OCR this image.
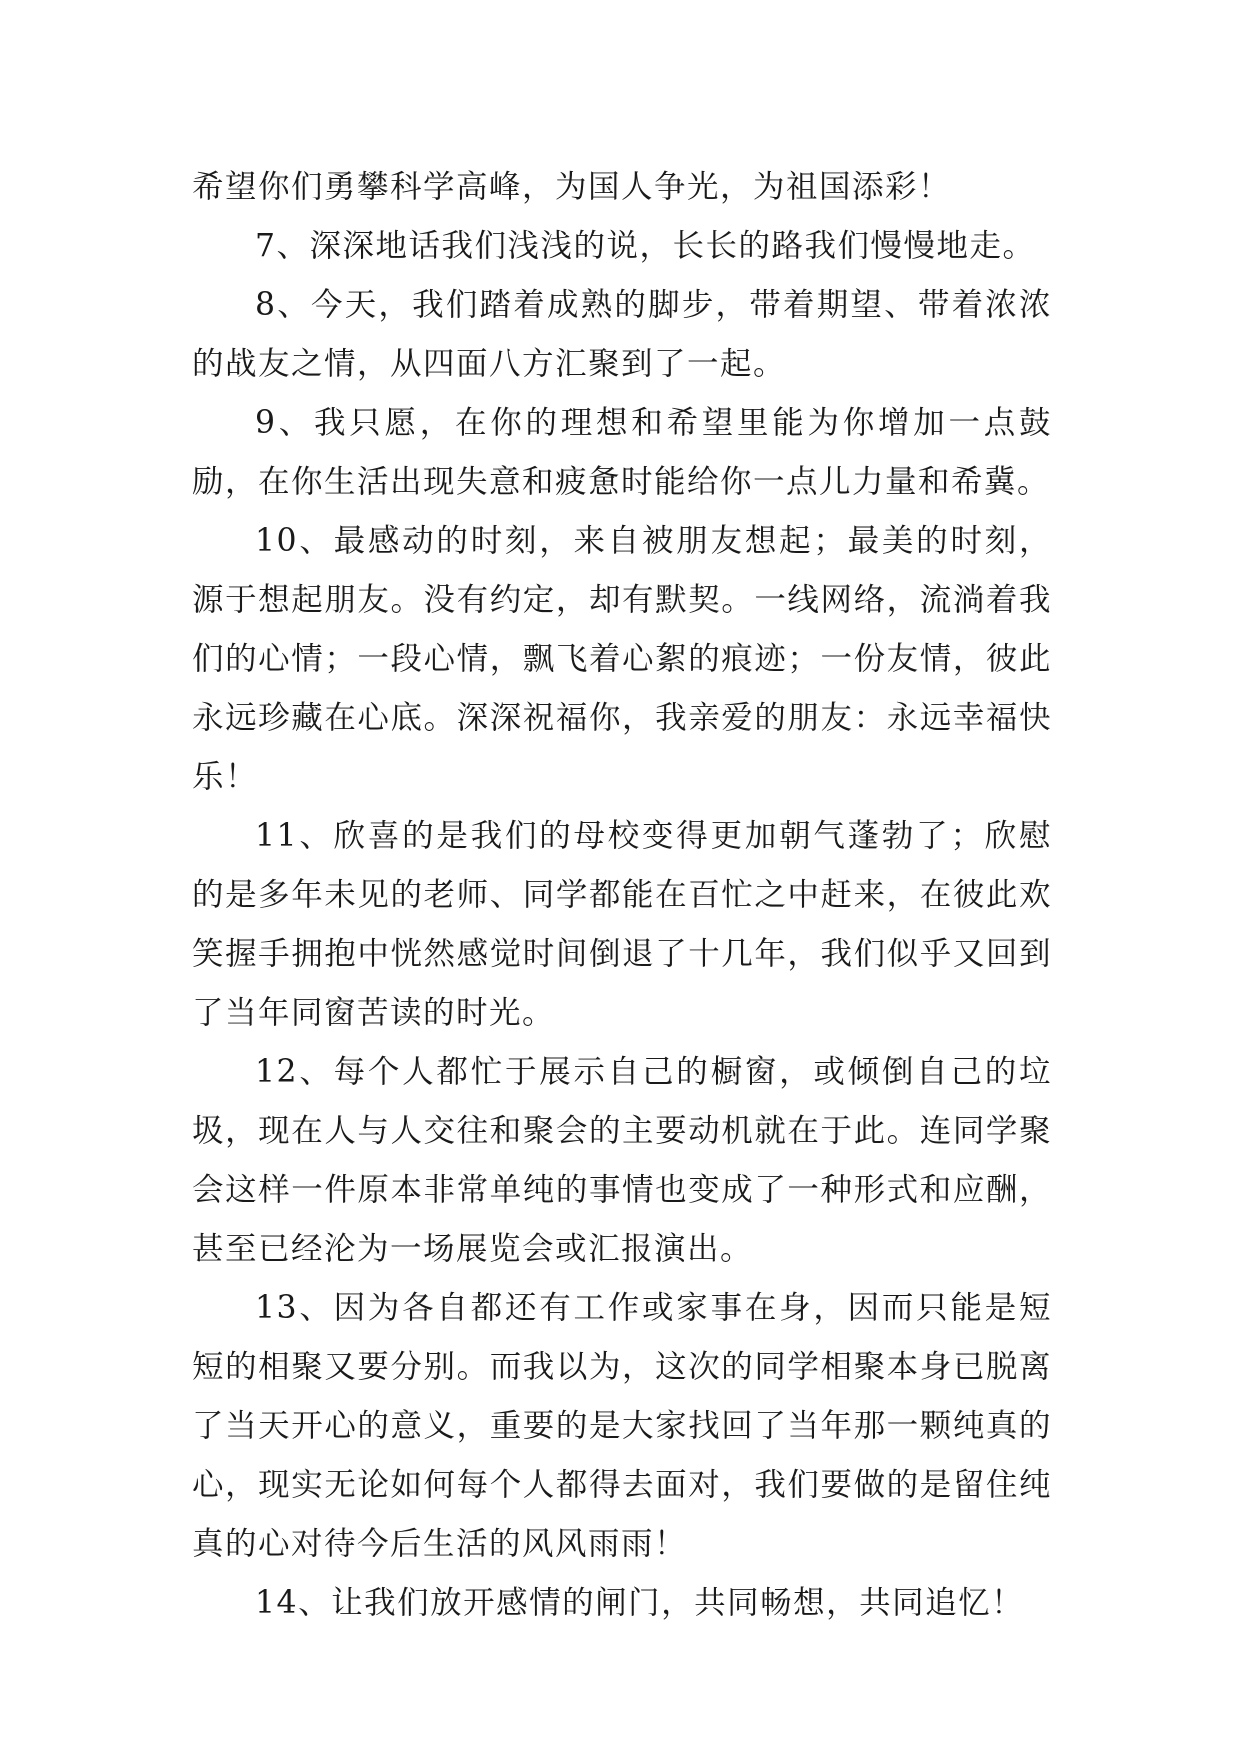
希望你们勇攀科学高峰，为国人争光，为祖国添彩！

7、深深地话我们浅浅的说，长长的路我们慢慢地走。

8、今天，我们踏着成熟的脚步，带着期望、带着浓浓的战友之情，从四面八方汇聚到了一起。

9、我只愿，在你的理想和希望里能为你增加一点鼓励，在你生活出现失意和疲惫时能给你一点儿力量和希冀。

10、最感动的时刻，来自被朋友想起；最美的时刻，源于想起朋友。没有约定，却有默契。一线网络，流淌着我们的心情；一段心情，飘飞着心絮的痕迹；一份友情，彼此永远珍藏在心底。深深祝福你，我亲爱的朋友：永远幸福快乐！

11、欣喜的是我们的母校变得更加朝气蓬勃了；欣慰的是多年未见的老师、同学都能在百忙之中赶来，在彼此欢笑握手拥抱中恍然感觉时间倒退了十几年，我们似乎又回到了当年同窗苦读的时光。

12、每个人都忙于展示自己的橱窗，或倾倒自己的垃圾，现在人与人交往和聚会的主要动机就在于此。连同学聚会这样一件原本非常单纯的事情也变成了一种形式和应酬，甚至已经沦为一场展览会或汇报演出。

13、因为各自都还有工作或家事在身，因而只能是短短的相聚又要分别。而我以为，这次的同学相聚本身已脱离了当天开心的意义，重要的是大家找回了当年那一颗纯真的心，现实无论如何每个人都得去面对，我们要做的是留住纯真的心对待今后生活的风风雨雨！

14、让我们放开感情的闸门，共同畅想，共同追忆！
